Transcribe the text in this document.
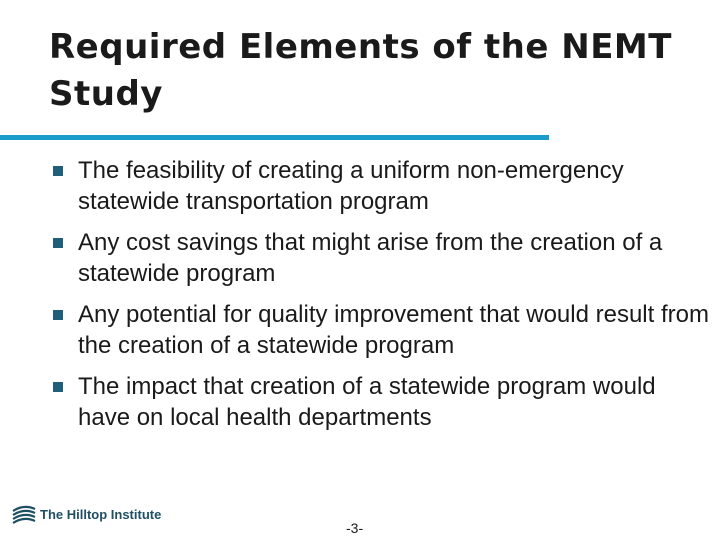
Required Elements of the NEMT Study
The feasibility of creating a uniform non-emergency statewide transportation program
Any cost savings that might arise from the creation of a statewide program
Any potential for quality improvement that would result from the creation of a statewide program
The impact that creation of a statewide program would have on local health departments
The Hilltop Institute
-3-
